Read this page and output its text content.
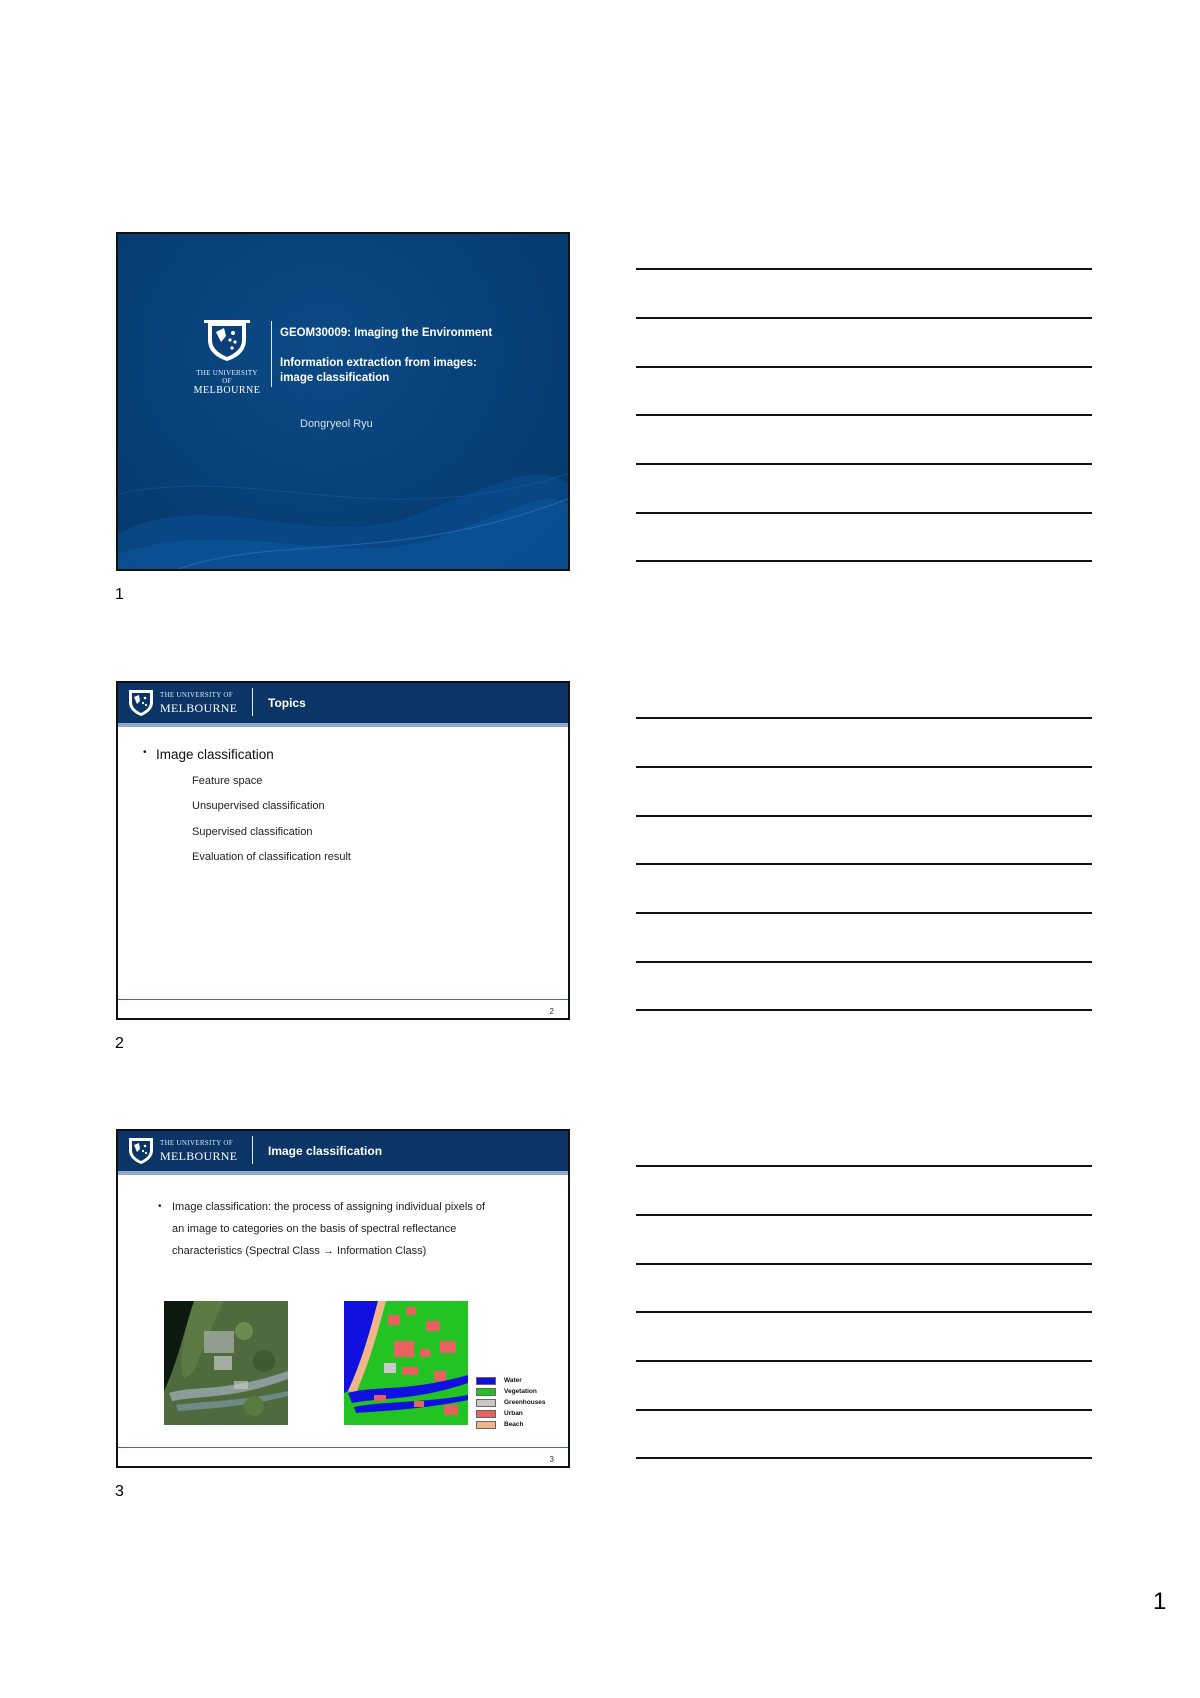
THE UNIVERSITY OF
MELBOURNE
GEOM30009: Imaging the Environment
Information extraction from images:
image classification
Dongryeol Ryu
1
THE UNIVERSITY OF
MELBOURNE	Topics
• Image classification
Feature space
Unsupervised classification
Supervised classification
Evaluation of classification result
2
2
THE UNIVERSITY OF
MELBOURNE	Image classification
• Image classification: the process of assigning individual pixels of
an image to categories on the basis of spectral reflectance
characteristics (Spectral Class → Information Class)
Water
Vegetation
Greenhouses
Urban
Beach
3
3
1
